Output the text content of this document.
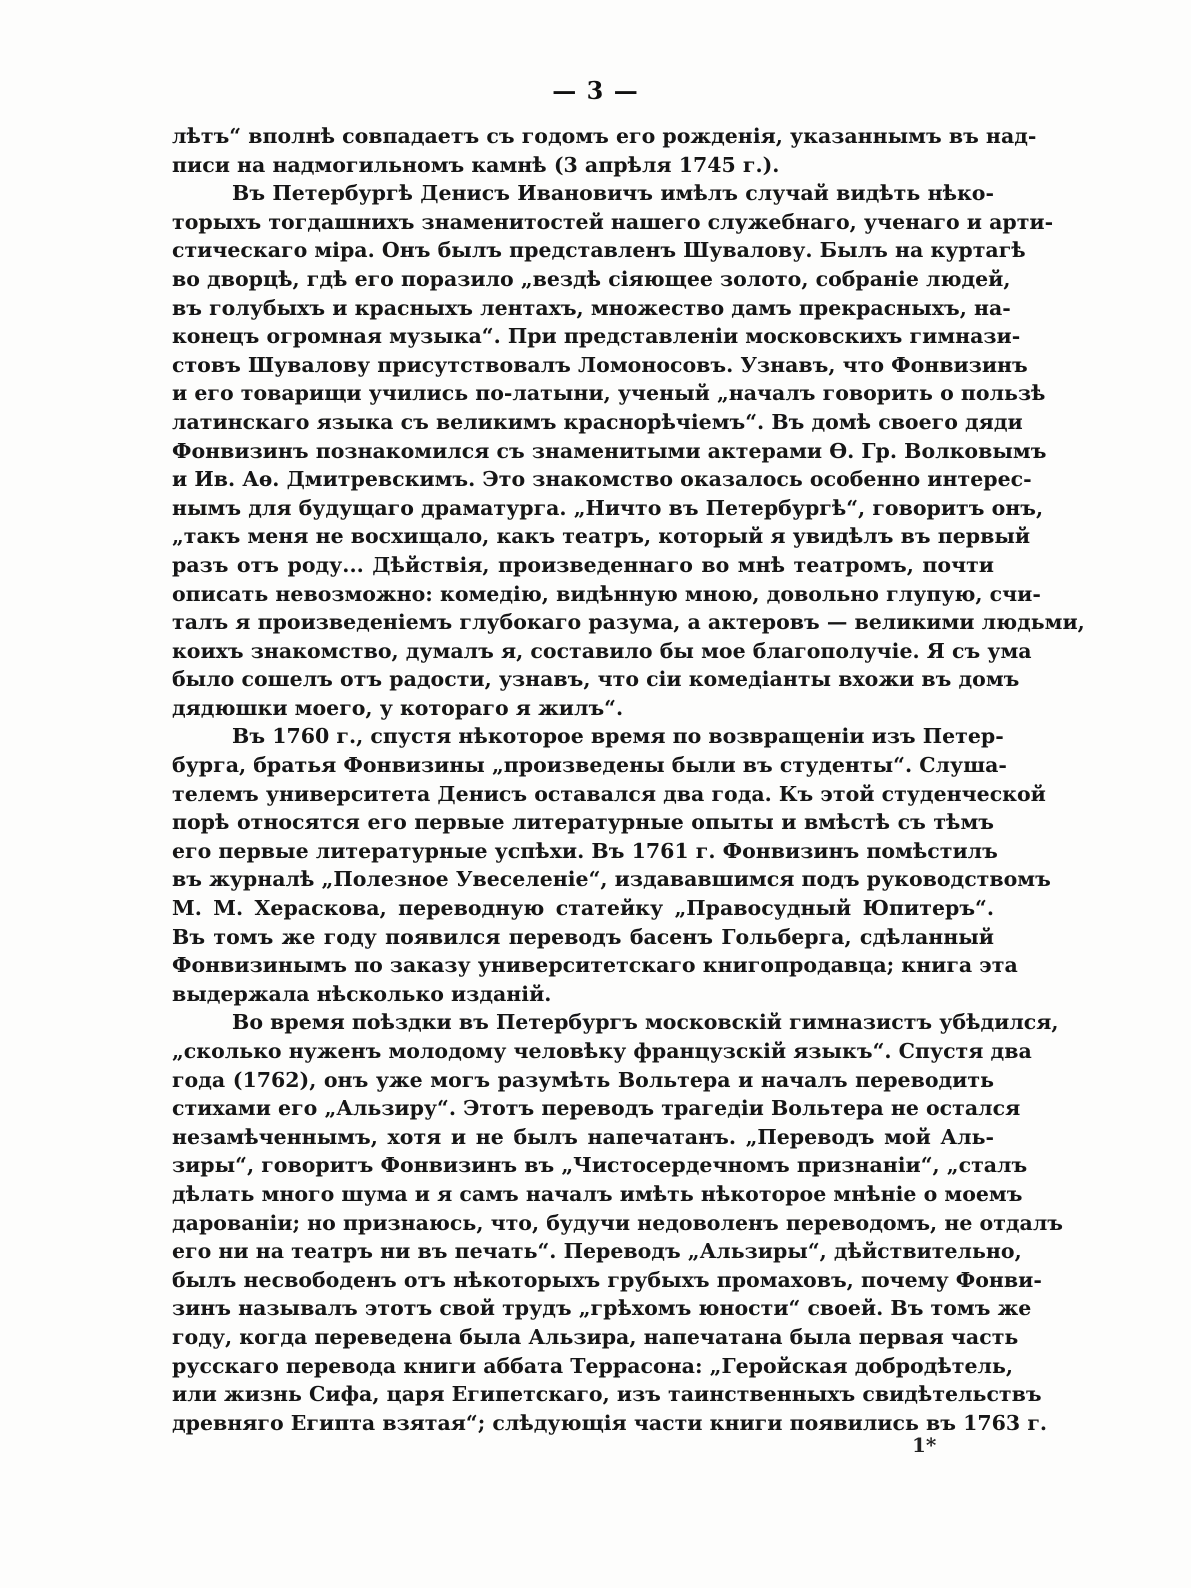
— 3 —
лѣтъ“ вполнѣ совпадаетъ съ годомъ его рожденія, указаннымъ въ над-
писи на надмогильномъ камнѣ (3 апрѣля 1745 г.).
Въ Петербургѣ Денисъ Ивановичъ имѣлъ случай видѣть нѣко-
торыхъ тогдашнихъ знаменитостей нашего служебнаго, ученаго и арти-
стическаго міра. Онъ былъ представленъ Шувалову. Былъ на куртагѣ
во дворцѣ, гдѣ его поразило „вездѣ сіяющее золото, собраніе людей,
въ голубыхъ и красныхъ лентахъ, множество дамъ прекрасныхъ, на-
конецъ огромная музыка“. При представленіи московскихъ гимнази-
стовъ Шувалову присутствовалъ Ломоносовъ. Узнавъ, что Фонвизинъ
и его товарищи учились по-латыни, ученый „началъ говорить о пользѣ
латинскаго языка съ великимъ краснорѣчіемъ“. Въ домѣ своего дяди
Фонвизинъ познакомился съ знаменитыми актерами Ѳ. Гр. Волковымъ
и Ив. Аѳ. Дмитревскимъ. Это знакомство оказалось особенно интерес-
нымъ для будущаго драматурга. „Ничто въ Петербургѣ“, говоритъ онъ,
„такъ меня не восхищало, какъ театръ, который я увидѣлъ въ первый
разъ отъ роду... Дѣйствія, произведеннаго во мнѣ театромъ, почти
описать невозможно: комедію, видѣнную мною, довольно глупую, счи-
талъ я произведеніемъ глубокаго разума, а актеровъ — великими людьми,
коихъ знакомство, думалъ я, составило бы мое благополучіе. Я съ ума
было сошелъ отъ радости, узнавъ, что сіи комедіанты вхожи въ домъ
дядюшки моего, у котораго я жилъ“.
Въ 1760 г., спустя нѣкоторое время по возвращеніи изъ Петер-
бурга, братья Фонвизины „произведены были въ студенты“. Слуша-
телемъ университета Денисъ оставался два года. Къ этой студенческой
порѣ относятся его первые литературные опыты и вмѣстѣ съ тѣмъ
его первые литературные успѣхи. Въ 1761 г. Фонвизинъ помѣстилъ
въ журналѣ „Полезное Увеселеніе“, издававшимся подъ руководствомъ
М. М. Хераскова, переводную статейку „Правосудный Юпитеръ“.
Въ томъ же году появился переводъ басенъ Гольберга, сдѣланный
Фонвизинымъ по заказу университетскаго книгопродавца; книга эта
выдержала нѣсколько изданій.
Во время поѣздки въ Петербургъ московскій гимназистъ убѣдился,
„сколько нуженъ молодому человѣку французскій языкъ“. Спустя два
года (1762), онъ уже могъ разумѣть Вольтера и началъ переводить
стихами его „Альзиру“. Этотъ переводъ трагедіи Вольтера не остался
незамѣченнымъ, хотя и не былъ напечатанъ. „Переводъ мой Аль-
зиры“, говоритъ Фонвизинъ въ „Чистосердечномъ признаніи“, „сталъ
дѣлать много шума и я самъ началъ имѣть нѣкоторое мнѣніе о моемъ
дарованіи; но признаюсь, что, будучи недоволенъ переводомъ, не отдалъ
его ни на театръ ни въ печать“. Переводъ „Альзиры“, дѣйствительно,
былъ несвободенъ отъ нѣкоторыхъ грубыхъ промаховъ, почему Фонви-
зинъ называлъ этотъ свой трудъ „грѣхомъ юности“ своей. Въ томъ же
году, когда переведена была Альзира, напечатана была первая часть
русскаго перевода книги аббата Террасона: „Геройская добродѣтель,
или жизнь Сифа, царя Египетскаго, изъ таинственныхъ свидѣтельствъ
древняго Египта взятая“; слѣдующія части книги появились въ 1763 г.
1*
